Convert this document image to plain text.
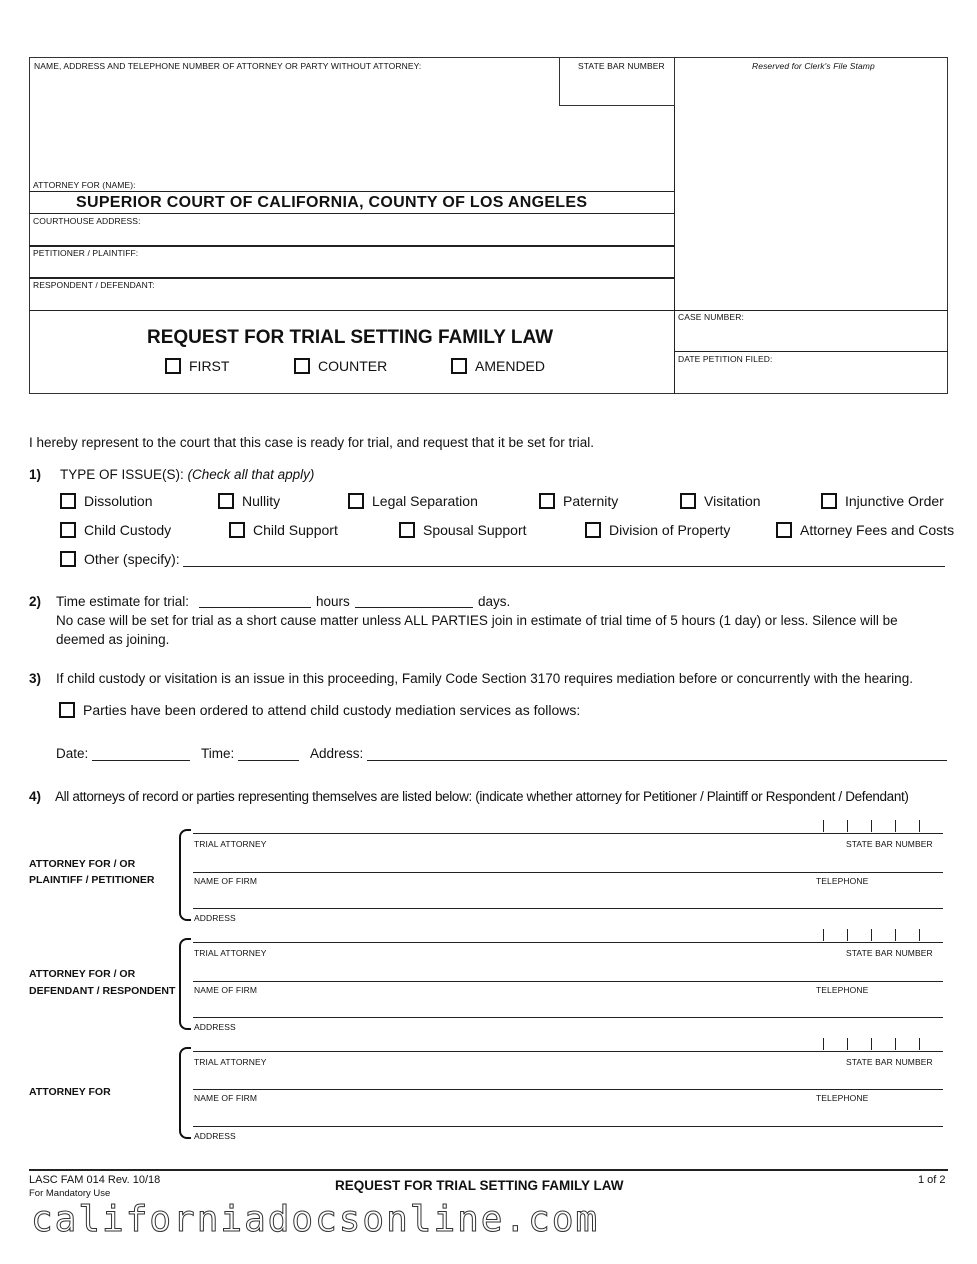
NAME, ADDRESS AND TELEPHONE NUMBER OF ATTORNEY OR PARTY WITHOUT ATTORNEY:	STATE BAR NUMBER	Reserved for Clerk's File Stamp
ATTORNEY FOR (NAME):
SUPERIOR COURT OF CALIFORNIA, COUNTY OF LOS ANGELES
COURTHOUSE ADDRESS:
PETITIONER / PLAINTIFF:
RESPONDENT / DEFENDANT:
REQUEST FOR TRIAL SETTING FAMILY LAW
FIRST	COUNTER	AMENDED
CASE NUMBER:
DATE PETITION FILED:
I hereby represent to the court that this case is ready for trial, and request that it be set for trial.
1) TYPE OF ISSUE(S): (Check all that apply)
Dissolution	Nullity	Legal Separation	Paternity	Visitation	Injunctive Order
Child Custody	Child Support	Spousal Support	Division of Property	Attorney Fees and Costs
Other (specify):
2) Time estimate for trial:	hours	days.
No case will be set for trial as a short cause matter unless ALL PARTIES join in estimate of trial time of 5 hours (1 day) or less. Silence will be
deemed as joining.
3) If child custody or visitation is an issue in this proceeding, Family Code Section 3170 requires mediation before or concurrently with the hearing.
Parties have been ordered to attend child custody mediation services as follows:
Date:	Time:	Address:
4) All attorneys of record or parties representing themselves are listed below: (indicate whether attorney for Petitioner / Plaintiff or Respondent / Defendant)
ATTORNEY FOR / OR
PLAINTIFF / PETITIONER
TRIAL ATTORNEY	STATE BAR NUMBER
NAME OF FIRM	TELEPHONE
ADDRESS
ATTORNEY FOR / OR
DEFENDANT / RESPONDENT
TRIAL ATTORNEY	STATE BAR NUMBER
NAME OF FIRM	TELEPHONE
ADDRESS
ATTORNEY FOR
TRIAL ATTORNEY	STATE BAR NUMBER
NAME OF FIRM	TELEPHONE
ADDRESS
LASC FAM 014 Rev. 10/18
For Mandatory Use
REQUEST FOR TRIAL SETTING FAMILY LAW	1 of 2
californiadocsonline.com
